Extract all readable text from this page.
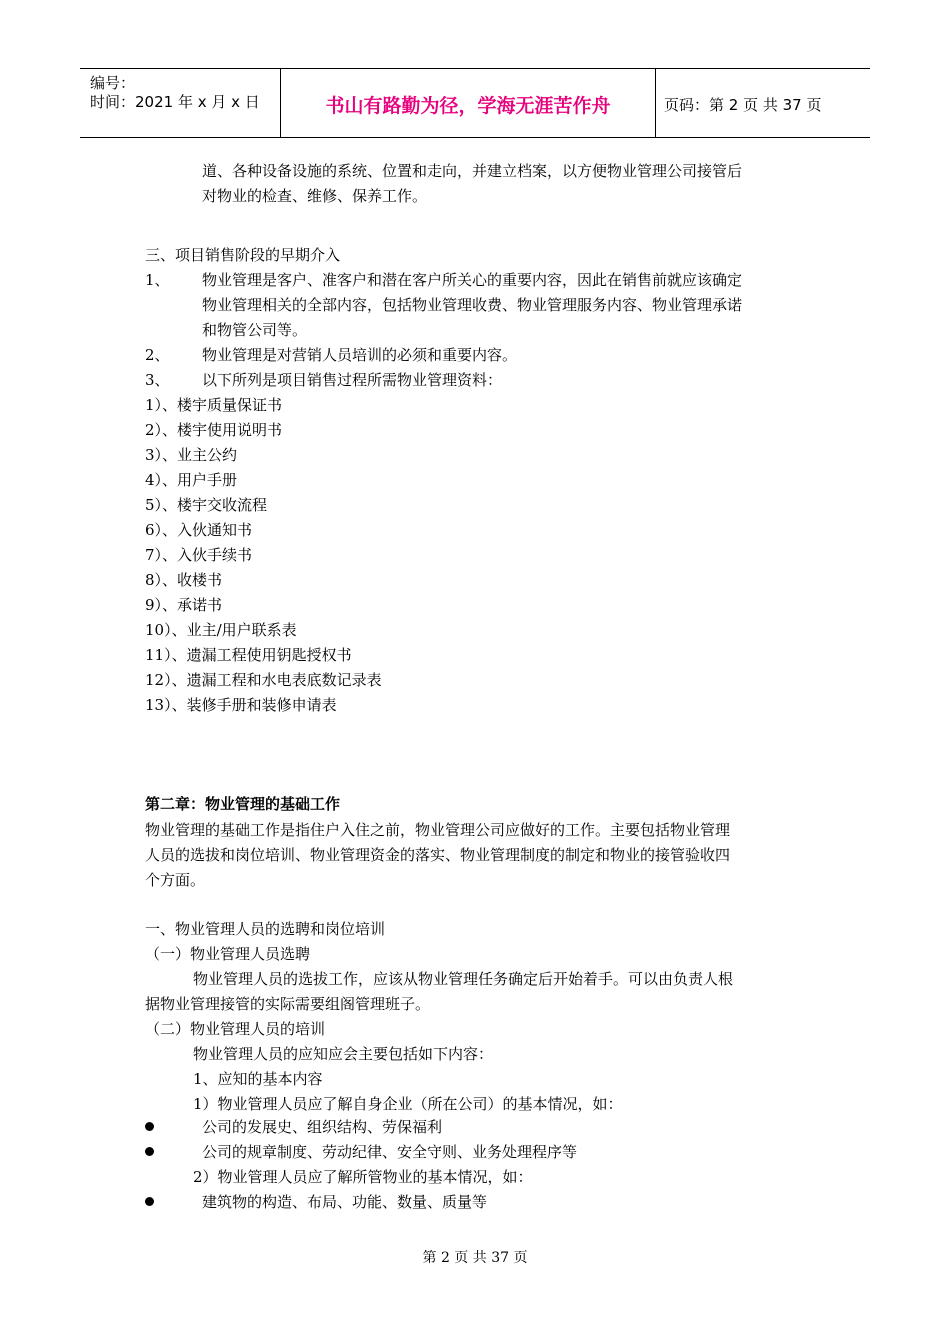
编号：
时间：2021 年 x 月 x 日	书山有路勤为径，学海无涯苦作舟	页码：第 2 页 共 37 页
道、各种设备设施的系统、位置和走向，并建立档案，以方便物业管理公司接管后
对物业的检查、维修、保养工作。
三、项目销售阶段的早期介入
1、 物业管理是客户、准客户和潜在客户所关心的重要内容，因此在销售前就应该确定
物业管理相关的全部内容，包括物业管理收费、物业管理服务内容、物业管理承诺
和物管公司等。
2、 物业管理是对营销人员培训的必须和重要内容。
3、 以下所列是项目销售过程所需物业管理资料：
1）、楼宇质量保证书
2）、楼宇使用说明书
3）、业主公约
4）、用户手册
5）、楼宇交收流程
6）、入伙通知书
7）、入伙手续书
8）、收楼书
9）、承诺书
10）、业主/用户联系表
11）、遗漏工程使用钥匙授权书
12）、遗漏工程和水电表底数记录表
13）、装修手册和装修申请表
第二章：物业管理的基础工作
物业管理的基础工作是指住户入住之前，物业管理公司应做好的工作。主要包括物业管理
人员的选拔和岗位培训、物业管理资金的落实、物业管理制度的制定和物业的接管验收四
个方面。
一、物业管理人员的选聘和岗位培训
（一）物业管理人员选聘
物业管理人员的选拔工作，应该从物业管理任务确定后开始着手。可以由负责人根
据物业管理接管的实际需要组阁管理班子。
（二）物业管理人员的培训
物业管理人员的应知应会主要包括如下内容：
1、应知的基本内容
1）物业管理人员应了解自身企业（所在公司）的基本情况，如：
公司的发展史、组织结构、劳保福利
公司的规章制度、劳动纪律、安全守则、业务处理程序等
2）物业管理人员应了解所管物业的基本情况，如：
建筑物的构造、布局、功能、数量、质量等
第 2 页 共 37 页
